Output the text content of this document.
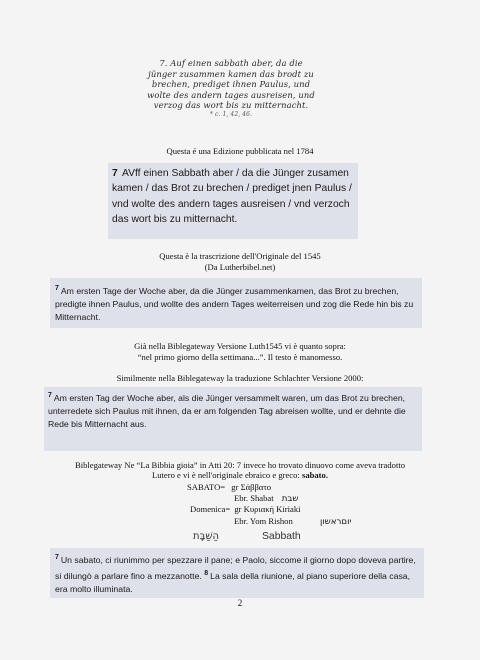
7. Auf einen sabbath aber, da die
jünger zusammen kamen das brodt zu
brechen, prediget ihnen Paulus, und
wolte des andern tages ausreisen, und
verzog das wort bis zu mitternacht.
* c. 1, 42, 46.
Questa é una Edizione pubblicata nel 1784
7 AVff einen Sabbath aber / da die Jünger zusamen kamen / das Brot zu brechen / prediget jnen Paulus / vnd wolte des andern tages ausreisen / vnd verzoch das wort bis zu mitternacht.
Questa è la trascrizione dell'Originale del 1545
(Da Lutherbibel.net)
$^7$ Am ersten Tage der Woche aber, da die Jünger zusammenkamen, das Brot zu brechen, predigte ihnen Paulus, und wollte des andern Tages weiterreisen und zog die Rede hin bis zu Mitternacht.
Già nella Biblegateway Versione Luth1545 vi è quanto sopra:
“nel primo giorno della settimana...”. Il testo è manomesso.
Similmente nella Biblegateway la traduzione Schlachter Versione 2000:
$^7$ Am ersten Tag der Woche aber, als die Jünger versammelt waren, um das Brot zu brechen, unterredete sich Paulus mit ihnen, da er am folgenden Tag abreisen wollte, und er dehnte die Rede bis Mitternacht aus.
Biblegateway Ne “La Bibbia gioia” in Atti 20: 7 invece ho trovato dinuovo come aveva tradotto
Lutero e vi è nell'originale ebraico e greco: sabato.
SABATO= gr Σάββατο
Ebr. Shabat שבת
Domenica= gr Κυριακή Kiriaki
Ebr. Yom Rishon	יוםראשון
הַשַּׁבָּת	Sabbath
$^7$ Un sabato, ci riunimmo per spezzare il pane; e Paolo, siccome il giorno dopo doveva partire, si dilungò a parlare fino a mezzanotte. $^8$ La sala della riunione, al piano superiore della casa, era molto illuminata.
2
